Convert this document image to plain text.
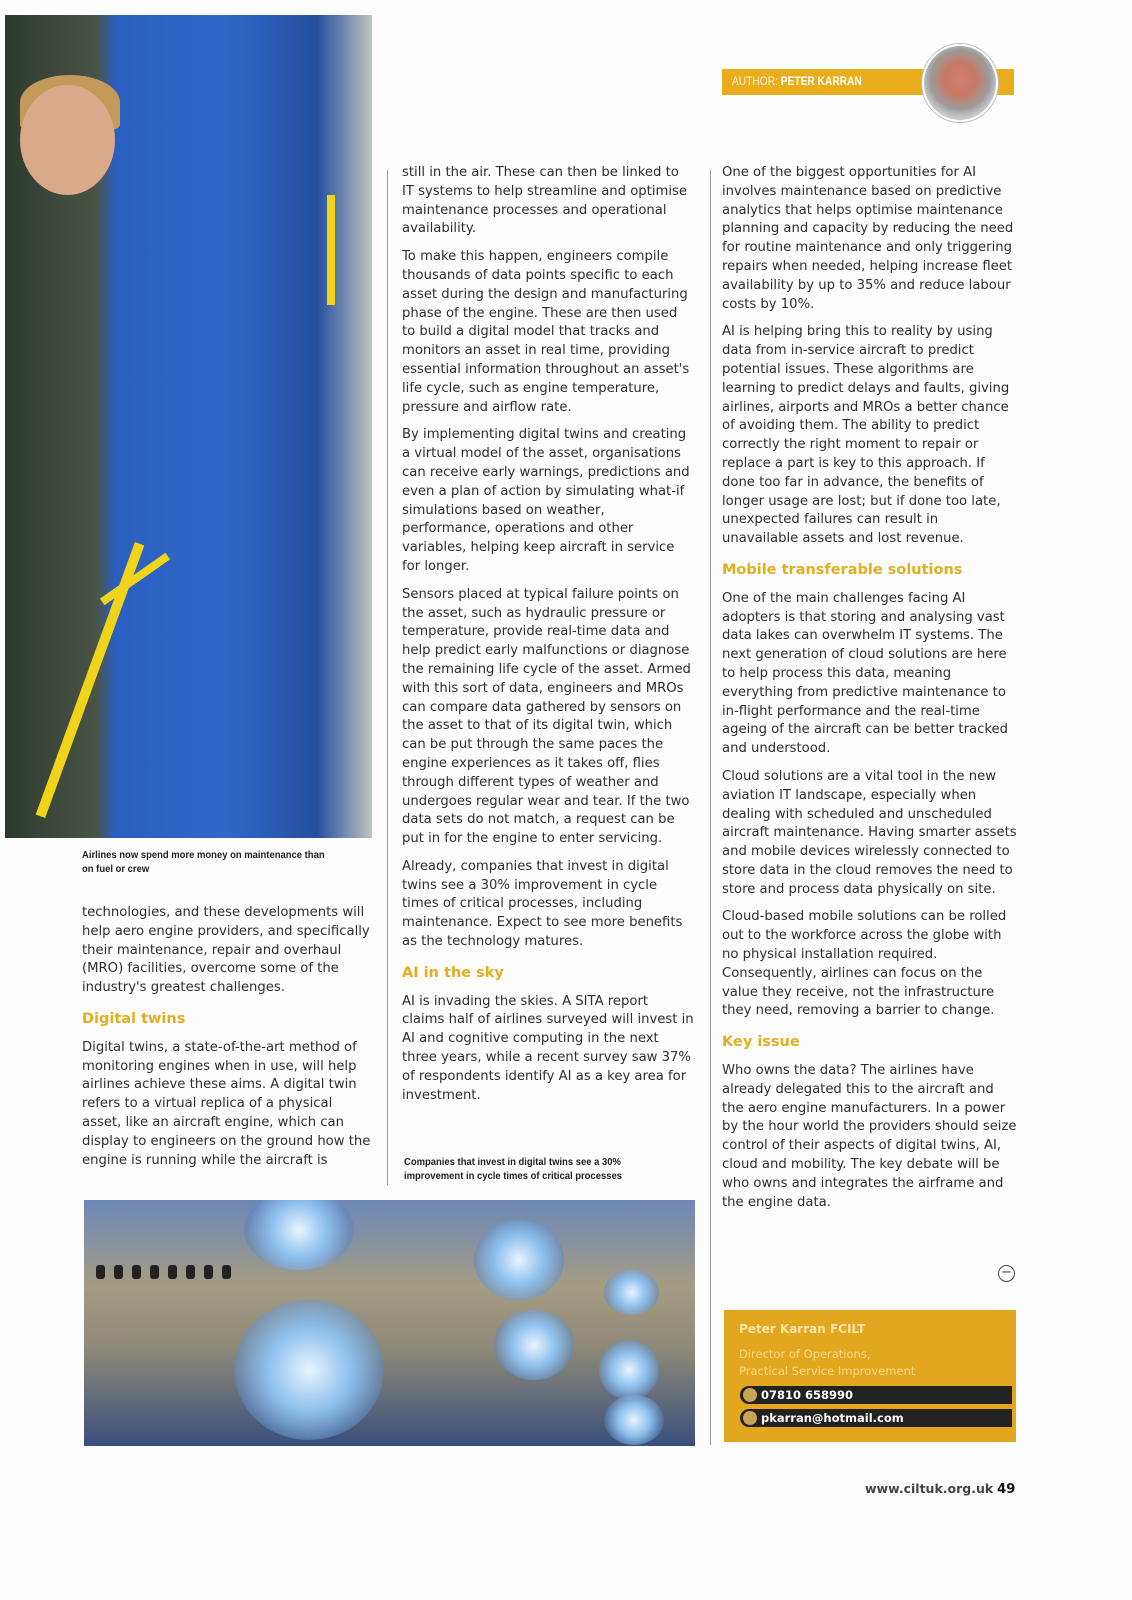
Airlines now spend more money on maintenance than on fuel or crew

technologies, and these developments will help aero engine providers, and specifically their maintenance, repair and overhaul (MRO) facilities, overcome some of the industry's greatest challenges.

Digital twins

Digital twins, a state-of-the-art method of monitoring engines when in use, will help airlines achieve these aims. A digital twin refers to a virtual replica of a physical asset, like an aircraft engine, which can display to engineers on the ground how the engine is running while the aircraft is

still in the air. These can then be linked to IT systems to help streamline and optimise maintenance processes and operational availability.

To make this happen, engineers compile thousands of data points specific to each asset during the design and manufacturing phase of the engine. These are then used to build a digital model that tracks and monitors an asset in real time, providing essential information throughout an asset's life cycle, such as engine temperature, pressure and airflow rate.

By implementing digital twins and creating a virtual model of the asset, organisations can receive early warnings, predictions and even a plan of action by simulating what-if simulations based on weather, performance, operations and other variables, helping keep aircraft in service for longer.

Sensors placed at typical failure points on the asset, such as hydraulic pressure or temperature, provide real-time data and help predict early malfunctions or diagnose the remaining life cycle of the asset. Armed with this sort of data, engineers and MROs can compare data gathered by sensors on the asset to that of its digital twin, which can be put through the same paces the engine experiences as it takes off, flies through different types of weather and undergoes regular wear and tear. If the two data sets do not match, a request can be put in for the engine to enter servicing.

Already, companies that invest in digital twins see a 30% improvement in cycle times of critical processes, including maintenance. Expect to see more benefits as the technology matures.

AI in the sky

AI is invading the skies. A SITA report claims half of airlines surveyed will invest in AI and cognitive computing in the next three years, while a recent survey saw 37% of respondents identify AI as a key area for investment.

Companies that invest in digital twins see a 30% improvement in cycle times of critical processes
AUTHOR: PETER KARRAN

One of the biggest opportunities for AI involves maintenance based on predictive analytics that helps optimise maintenance planning and capacity by reducing the need for routine maintenance and only triggering repairs when needed, helping increase fleet availability by up to 35% and reduce labour costs by 10%.

AI is helping bring this to reality by using data from in-service aircraft to predict potential issues. These algorithms are learning to predict delays and faults, giving airlines, airports and MROs a better chance of avoiding them. The ability to predict correctly the right moment to repair or replace a part is key to this approach. If done too far in advance, the benefits of longer usage are lost; but if done too late, unexpected failures can result in unavailable assets and lost revenue.

Mobile transferable solutions

One of the main challenges facing AI adopters is that storing and analysing vast data lakes can overwhelm IT systems. The next generation of cloud solutions are here to help process this data, meaning everything from predictive maintenance to in-flight performance and the real-time ageing of the aircraft can be better tracked and understood.

Cloud solutions are a vital tool in the new aviation IT landscape, especially when dealing with scheduled and unscheduled aircraft maintenance. Having smarter assets and mobile devices wirelessly connected to store data in the cloud removes the need to store and process data physically on site.

Cloud-based mobile solutions can be rolled out to the workforce across the globe with no physical installation required. Consequently, airlines can focus on the value they receive, not the infrastructure they need, removing a barrier to change.

Key issue

Who owns the data? The airlines have already delegated this to the aircraft and the aero engine manufacturers. In a power by the hour world the providers should seize control of their aspects of digital twins, AI, cloud and mobility. The key debate will be who owns and integrates the airframe and the engine data.

−
Peter Karran FCILT
Director of Operations,
Practical Service Improvement
07810 658990
pkarran@hotmail.com
www.ciltuk.org.uk 49
